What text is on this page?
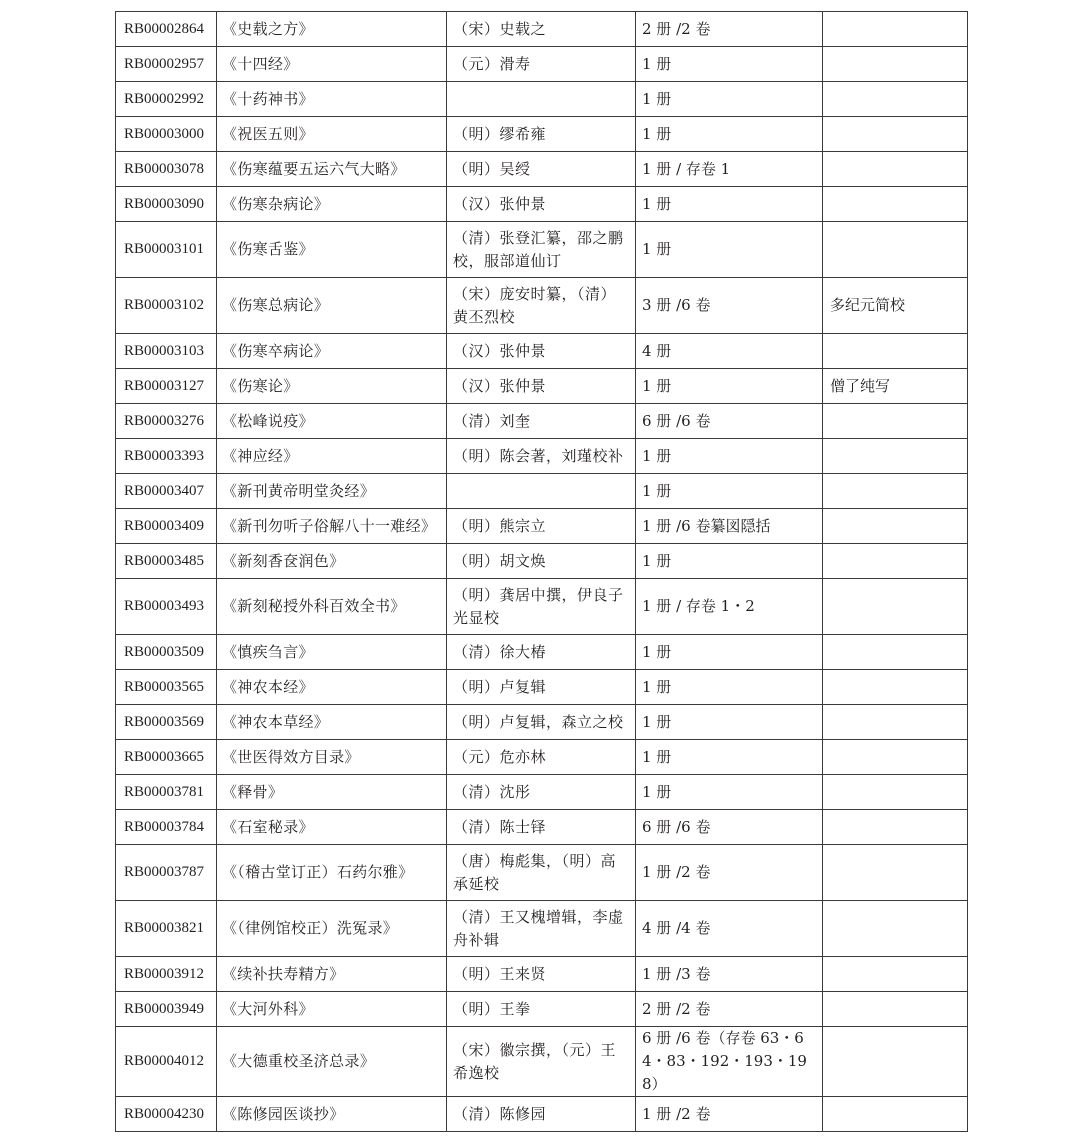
RB00002864	《史载之方》	（宋）史载之	2 册 /2 卷	
RB00002957	《十四经》	（元）滑寿	1 册	
RB00002992	《十药神书》		1 册	
RB00003000	《祝医五则》	（明）缪希雍	1 册	
RB00003078	《伤寒蕴要五运六气大略》	（明）吴绶	1 册 / 存卷 1	
RB00003090	《伤寒杂病论》	（汉）张仲景	1 册	
RB00003101	《伤寒舌鉴》	（清）张登汇纂，邵之鹏校，服部道仙订	1 册	
RB00003102	《伤寒总病论》	（宋）庞安时纂，（清）黄丕烈校	3 册 /6 卷	多纪元简校
RB00003103	《伤寒卒病论》	（汉）张仲景	4 册	
RB00003127	《伤寒论》	（汉）张仲景	1 册	僧了纯写
RB00003276	《松峰说疫》	（清）刘奎	6 册 /6 卷	
RB00003393	《神应经》	（明）陈会著，刘瑾校补	1 册	
RB00003407	《新刊黄帝明堂灸经》		1 册	
RB00003409	《新刊勿听子俗解八十一难经》	（明）熊宗立	1 册 /6 卷纂図隠括	
RB00003485	《新刻香奁润色》	（明）胡文焕	1 册	
RB00003493	《新刻秘授外科百效全书》	（明）龚居中撰，伊良子光显校	1 册 / 存卷 1・2	
RB00003509	《慎疾刍言》	（清）徐大椿	1 册	
RB00003565	《神农本经》	（明）卢复辑	1 册	
RB00003569	《神农本草经》	（明）卢复辑，森立之校	1 册	
RB00003665	《世医得效方目录》	（元）危亦林	1 册	
RB00003781	《释骨》	（清）沈彤	1 册	
RB00003784	《石室秘录》	（清）陈士铎	6 册 /6 卷	
RB00003787	《（稽古堂订正）石药尔雅》	（唐）梅彪集，（明）高承延校	1 册 /2 卷	
RB00003821	《（律例馆校正）洗冤录》	（清）王又槐增辑，李虚舟补辑	4 册 /4 卷	
RB00003912	《续补扶寿精方》	（明）王来贤	1 册 /3 卷	
RB00003949	《大河外科》	（明）王拳	2 册 /2 卷	
RB00004012	《大德重校圣济总录》	（宋）徽宗撰，（元）王希逸校	6 册 /6 卷（存卷 63・64・83・192・193・198）	
RB00004230	《陈修园医谈抄》	（清）陈修园	1 册 /2 卷	
